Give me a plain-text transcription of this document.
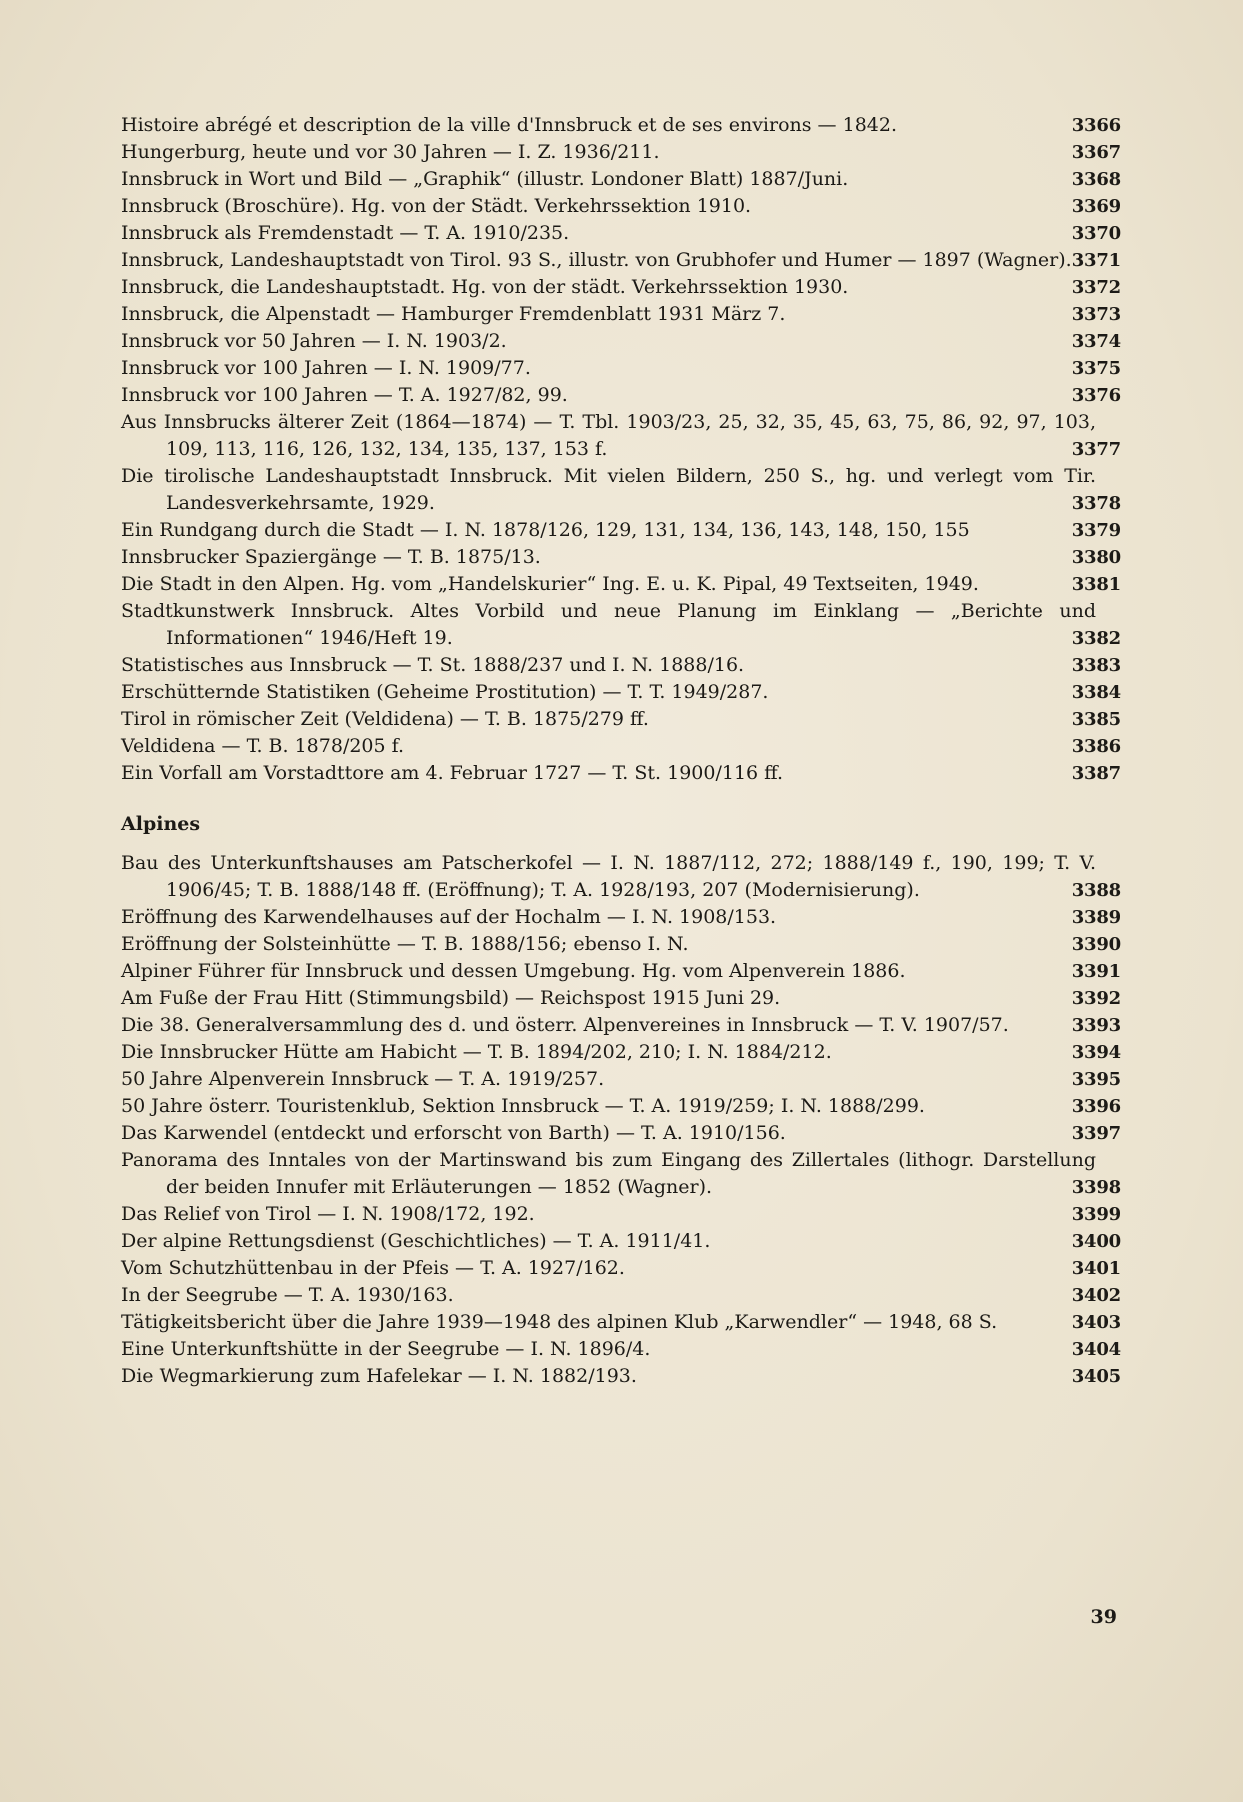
Histoire abrégé et description de la ville d'Innsbruck et de ses environs — 1842.	3366
Hungerburg, heute und vor 30 Jahren — I. Z. 1936/211.	3367
Innsbruck in Wort und Bild — „Graphik“ (illustr. Londoner Blatt) 1887/Juni.	3368
Innsbruck (Broschüre). Hg. von der Städt. Verkehrssektion 1910.	3369
Innsbruck als Fremdenstadt — T. A. 1910/235.	3370
Innsbruck, Landeshauptstadt von Tirol. 93 S., illustr. von Grubhofer und Humer — 1897 (Wagner). 3371
Innsbruck, die Landeshauptstadt. Hg. von der städt. Verkehrssektion 1930.	3372
Innsbruck, die Alpenstadt — Hamburger Fremdenblatt 1931 März 7.	3373
Innsbruck vor 50 Jahren — I. N. 1903/2.	3374
Innsbruck vor 100 Jahren — I. N. 1909/77.	3375
Innsbruck vor 100 Jahren — T. A. 1927/82, 99.	3376
Aus Innsbrucks älterer Zeit (1864—1874) — T. Tbl. 1903/23, 25, 32, 35, 45, 63, 75, 86, 92, 97, 103, 109, 113, 116, 126, 132, 134, 135, 137, 153 f.	3377
Die tirolische Landeshauptstadt Innsbruck. Mit vielen Bildern, 250 S., hg. und verlegt vom Tir. Landesverkehrsamte, 1929.	3378
Ein Rundgang durch die Stadt — I. N. 1878/126, 129, 131, 134, 136, 143, 148, 150, 155	3379
Innsbrucker Spaziergänge — T. B. 1875/13.	3380
Die Stadt in den Alpen. Hg. vom „Handelskurier“ Ing. E. u. K. Pipal, 49 Textseiten, 1949.	3381
Stadtkunstwerk Innsbruck. Altes Vorbild und neue Planung im Einklang — „Berichte und Informationen“ 1946/Heft 19.	3382
Statistisches aus Innsbruck — T. St. 1888/237 und I. N. 1888/16.	3383
Erschütternde Statistiken (Geheime Prostitution) — T. T. 1949/287.	3384
Tirol in römischer Zeit (Veldidena) — T. B. 1875/279 ff.	3385
Veldidena — T. B. 1878/205 f.	3386
Ein Vorfall am Vorstadttore am 4. Februar 1727 — T. St. 1900/116 ff.	3387
Alpines
Bau des Unterkunftshauses am Patscherkofel — I. N. 1887/112, 272; 1888/149 f., 190, 199; T. V. 1906/45; T. B. 1888/148 ff. (Eröffnung); T. A. 1928/193, 207 (Modernisierung).	3388
Eröffnung des Karwendelhauses auf der Hochalm — I. N. 1908/153.	3389
Eröffnung der Solsteinhütte — T. B. 1888/156; ebenso I. N.	3390
Alpiner Führer für Innsbruck und dessen Umgebung. Hg. vom Alpenverein 1886.	3391
Am Fuße der Frau Hitt (Stimmungsbild) — Reichspost 1915 Juni 29.	3392
Die 38. Generalversammlung des d. und österr. Alpenvereines in Innsbruck — T. V. 1907/57.	3393
Die Innsbrucker Hütte am Habicht — T. B. 1894/202, 210; I. N. 1884/212.	3394
50 Jahre Alpenverein Innsbruck — T. A. 1919/257.	3395
50 Jahre österr. Touristenklub, Sektion Innsbruck — T. A. 1919/259; I. N. 1888/299.	3396
Das Karwendel (entdeckt und erforscht von Barth) — T. A. 1910/156.	3397
Panorama des Inntales von der Martinswand bis zum Eingang des Zillertales (lithogr. Darstellung der beiden Innufer mit Erläuterungen — 1852 (Wagner).	3398
Das Relief von Tirol — I. N. 1908/172, 192.	3399
Der alpine Rettungsdienst (Geschichtliches) — T. A. 1911/41.	3400
Vom Schutzhüttenbau in der Pfeis — T. A. 1927/162.	3401
In der Seegrube — T. A. 1930/163.	3402
Tätigkeitsbericht über die Jahre 1939—1948 des alpinen Klub „Karwendler“ — 1948, 68 S.	3403
Eine Unterkunftshütte in der Seegrube — I. N. 1896/4.	3404
Die Wegmarkierung zum Hafelekar — I. N. 1882/193.	3405
39
